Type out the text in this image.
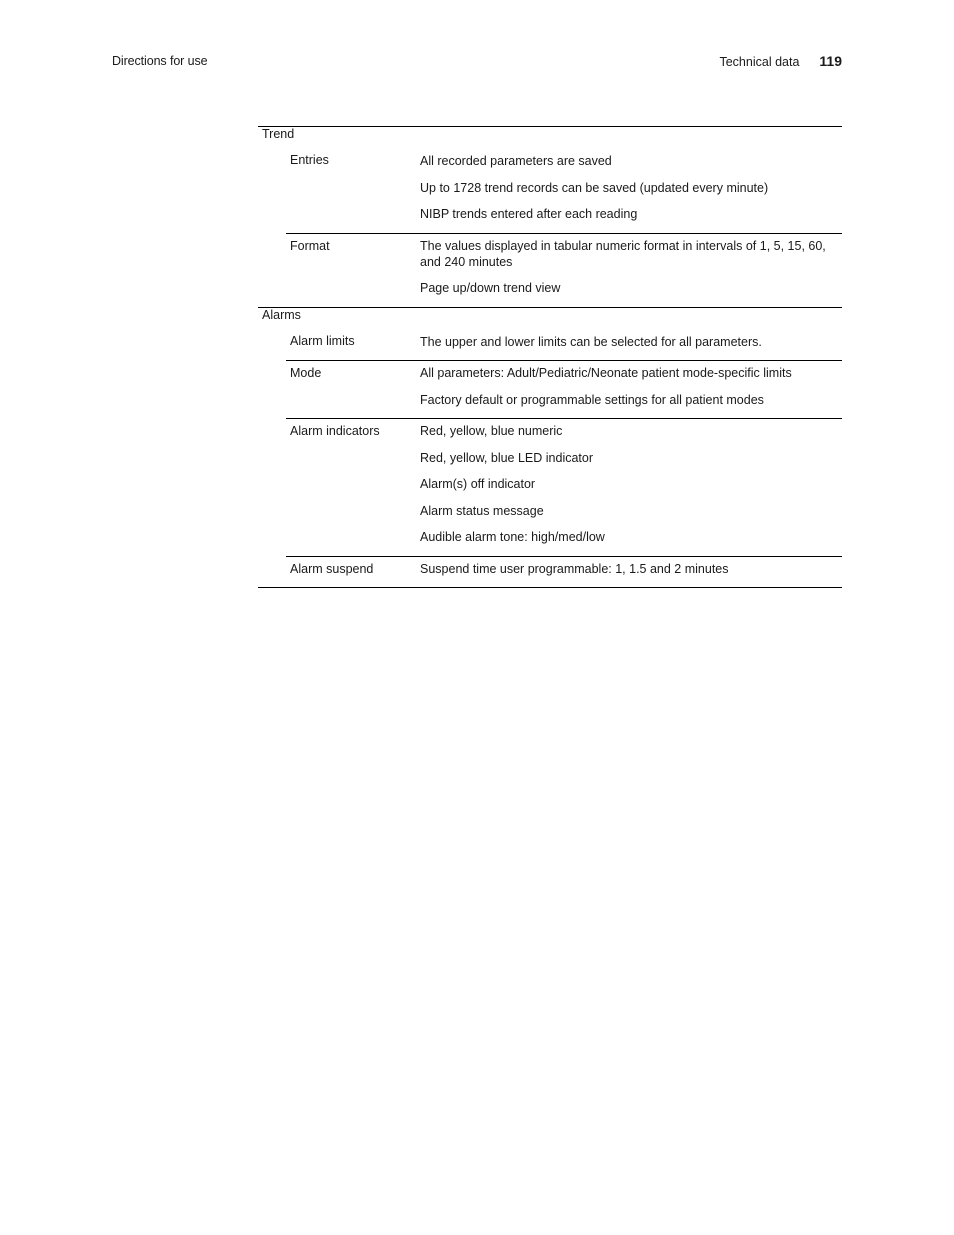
Directions for use	Technical data 119
Trend
Entries	All recorded parameters are saved
Up to 1728 trend records can be saved (updated every minute)
NIBP trends entered after each reading
Format	The values displayed in tabular numeric format in intervals of 1, 5, 15, 60, and 240 minutes
Page up/down trend view
Alarms
Alarm limits	The upper and lower limits can be selected for all parameters.
Mode	All parameters: Adult/Pediatric/Neonate patient mode-specific limits
Factory default or programmable settings for all patient modes
Alarm indicators	Red, yellow, blue numeric
Red, yellow, blue LED indicator
Alarm(s) off indicator
Alarm status message
Audible alarm tone: high/med/low
Alarm suspend	Suspend time user programmable: 1, 1.5 and 2 minutes
